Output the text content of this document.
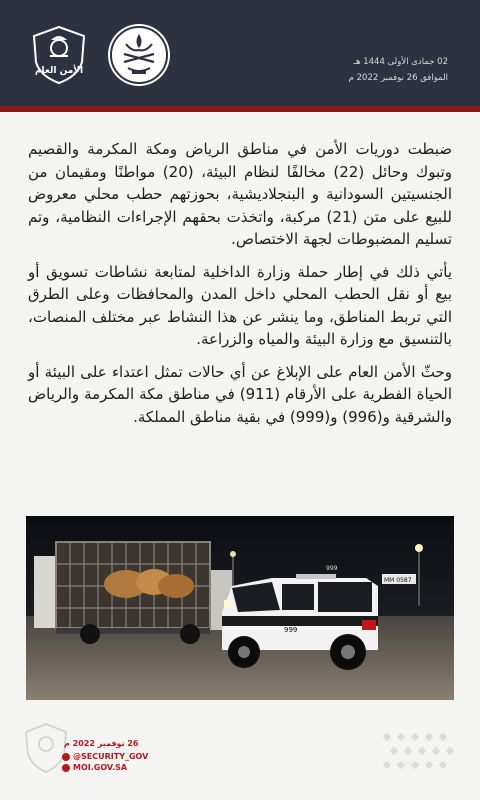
الأمن العام
02 جمادى الأولى 1444 هـ
الموافق 26 نوفمبر 2022 م

ضبطت دوريات الأمن في مناطق الرياض ومكة المكرمة والقصيم وتبوك وحائل (22) مخالفًا لنظام البيئة، (20) مواطنًا ومقيمان من الجنسيتين السودانية و البنجلاديشية، بحوزتهم حطب محلي معروض للبيع على متن (21) مركبة، واتخذت بحقهم الإجراءات النظامية، وتم تسليم المضبوطات لجهة الاختصاص.

يأتي ذلك في إطار حملة وزارة الداخلية لمتابعة نشاطات تسويق أو بيع أو نقل الحطب المحلي داخل المدن والمحافظات وعلى الطرق التي تربط المناطق، وما ينشر عن هذا النشاط عبر مختلف المنصات، بالتنسيق مع وزارة البيئة والمياه والزراعة.

وحثّ الأمن العام على الإبلاغ عن أي حالات تمثل اعتداء على البيئة أو الحياة الفطرية على الأرقام (911) في مناطق مكة المكرمة والرياض والشرقية و(996) و(999) في بقية مناطق المملكة.

999
999
MM 0587
26 نوفمبر 2022 م
@SECURITY_GOV
MOI.GOV.SA
